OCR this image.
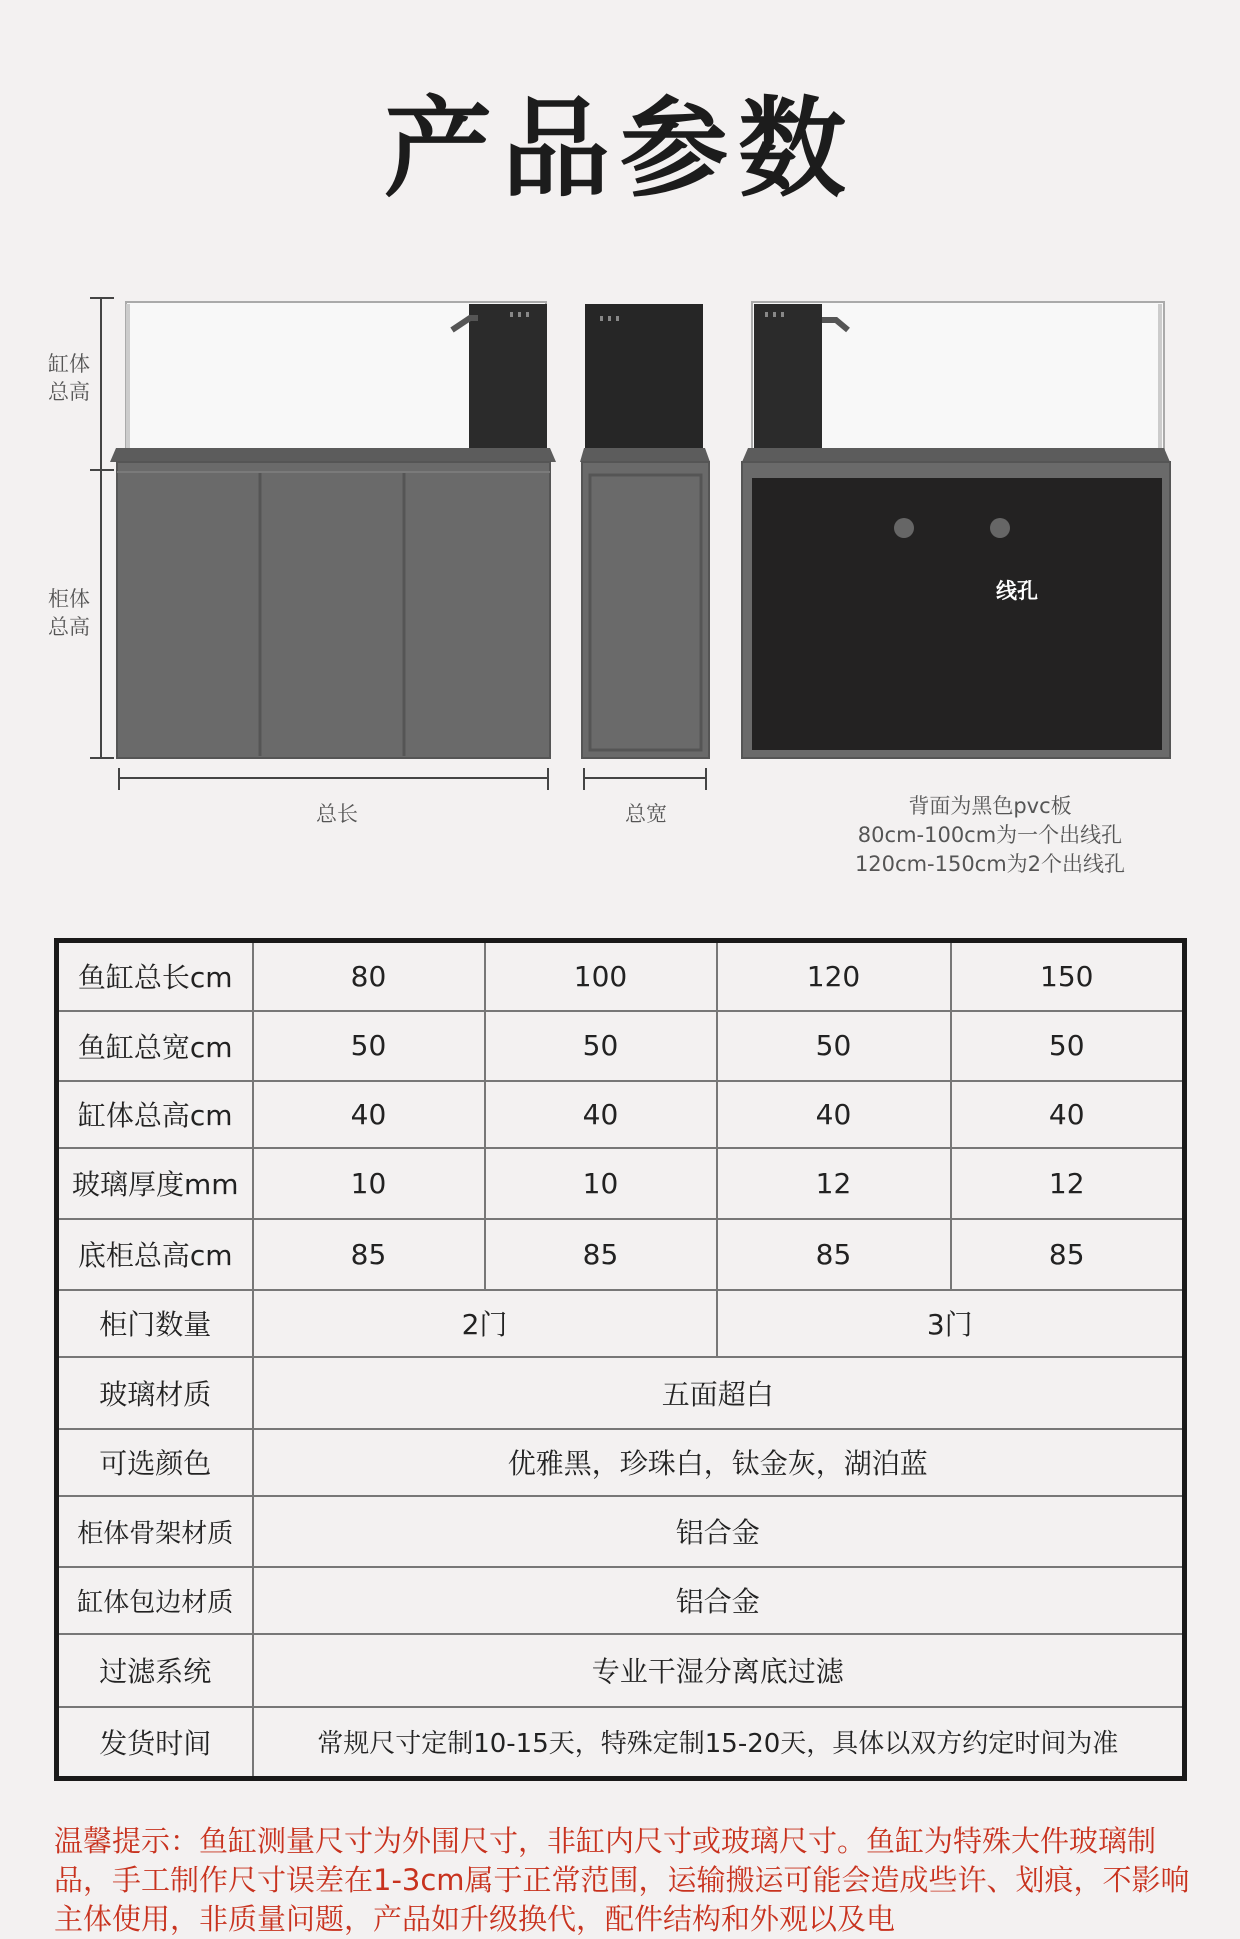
产品参数
缸体
总高
柜体
总高
总长	总宽
线孔
背面为黑色pvc板
80cm-100cm为一个出线孔
120cm-150cm为2个出线孔
鱼缸总长cm	80	100	120	150
鱼缸总宽cm	50	50	50	50
缸体总高cm	40	40	40	40
玻璃厚度mm	10	10	12	12
底柜总高cm	85	85	85	85
柜门数量	2门		3门	
玻璃材质	五面超白			
可选颜色	优雅黑，珍珠白，钛金灰，湖泊蓝			
柜体骨架材质	铝合金			
缸体包边材质	铝合金			
过滤系统	专业干湿分离底过滤			
发货时间	常规尺寸定制10-15天，特殊定制15-20天，具体以双方约定时间为准			
温馨提示：鱼缸测量尺寸为外围尺寸，非缸内尺寸或玻璃尺寸。鱼缸为特殊大件玻璃制品，手工制作尺寸误差在1-3cm属于正常范围，运输搬运可能会造成些许、划痕，不影响主体使用，非质量问题，产品如升级换代，配件结构和外观以及电
